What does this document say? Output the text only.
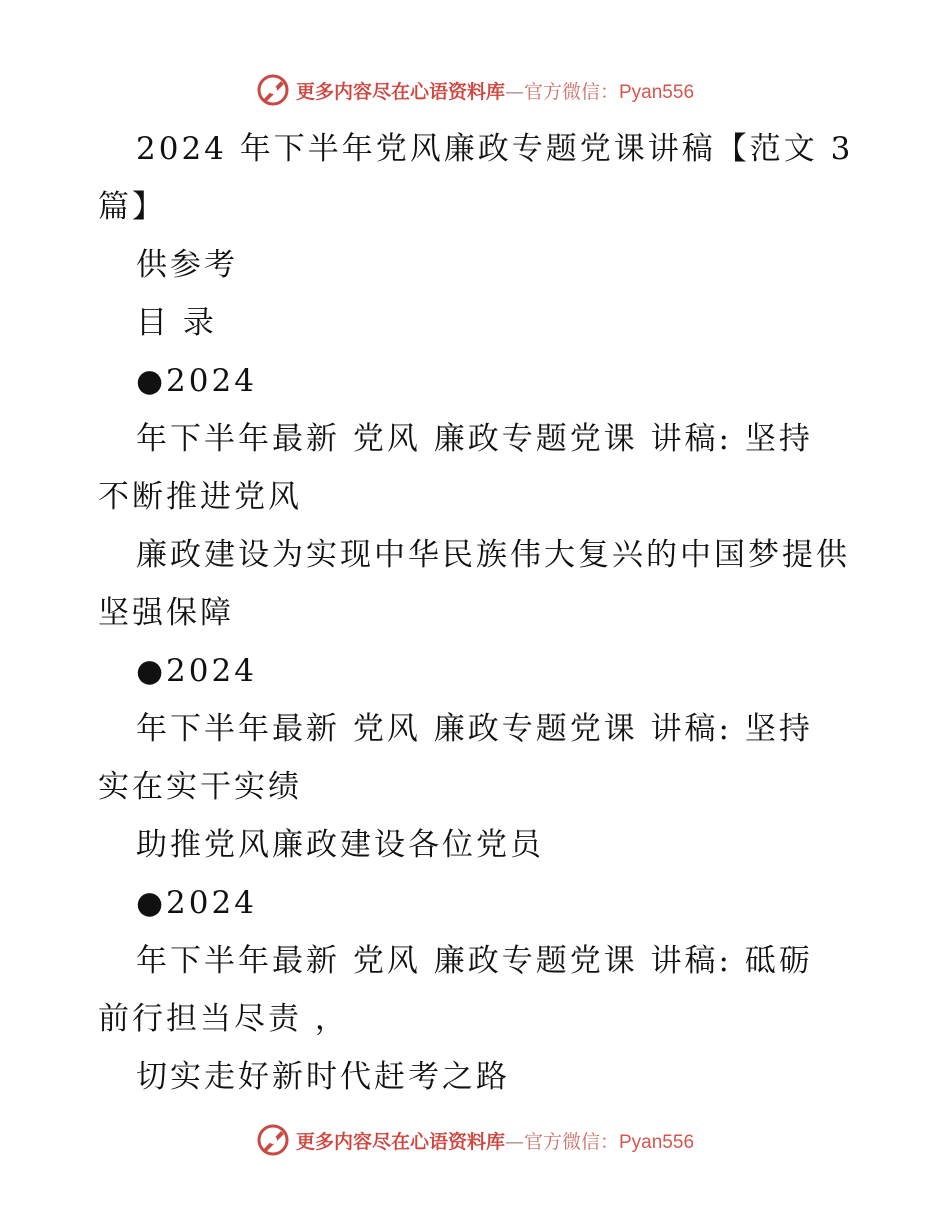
更多内容尽在心语资料库—官方微信：Pyan556
2024 年下半年党风廉政专题党课讲稿【范文 3
篇】
供参考
目 录
●2024
年下半年最新 党风 廉政专题党课 讲稿: 坚持
不断推进党风
廉政建设为实现中华民族伟大复兴的中国梦提供
坚强保障
●2024
年下半年最新 党风 廉政专题党课 讲稿: 坚持
实在实干实绩
助推党风廉政建设各位党员
●2024
年下半年最新 党风 廉政专题党课 讲稿: 砥砺
前行担当尽责 ，
切实走好新时代赶考之路
更多内容尽在心语资料库—官方微信：Pyan556
